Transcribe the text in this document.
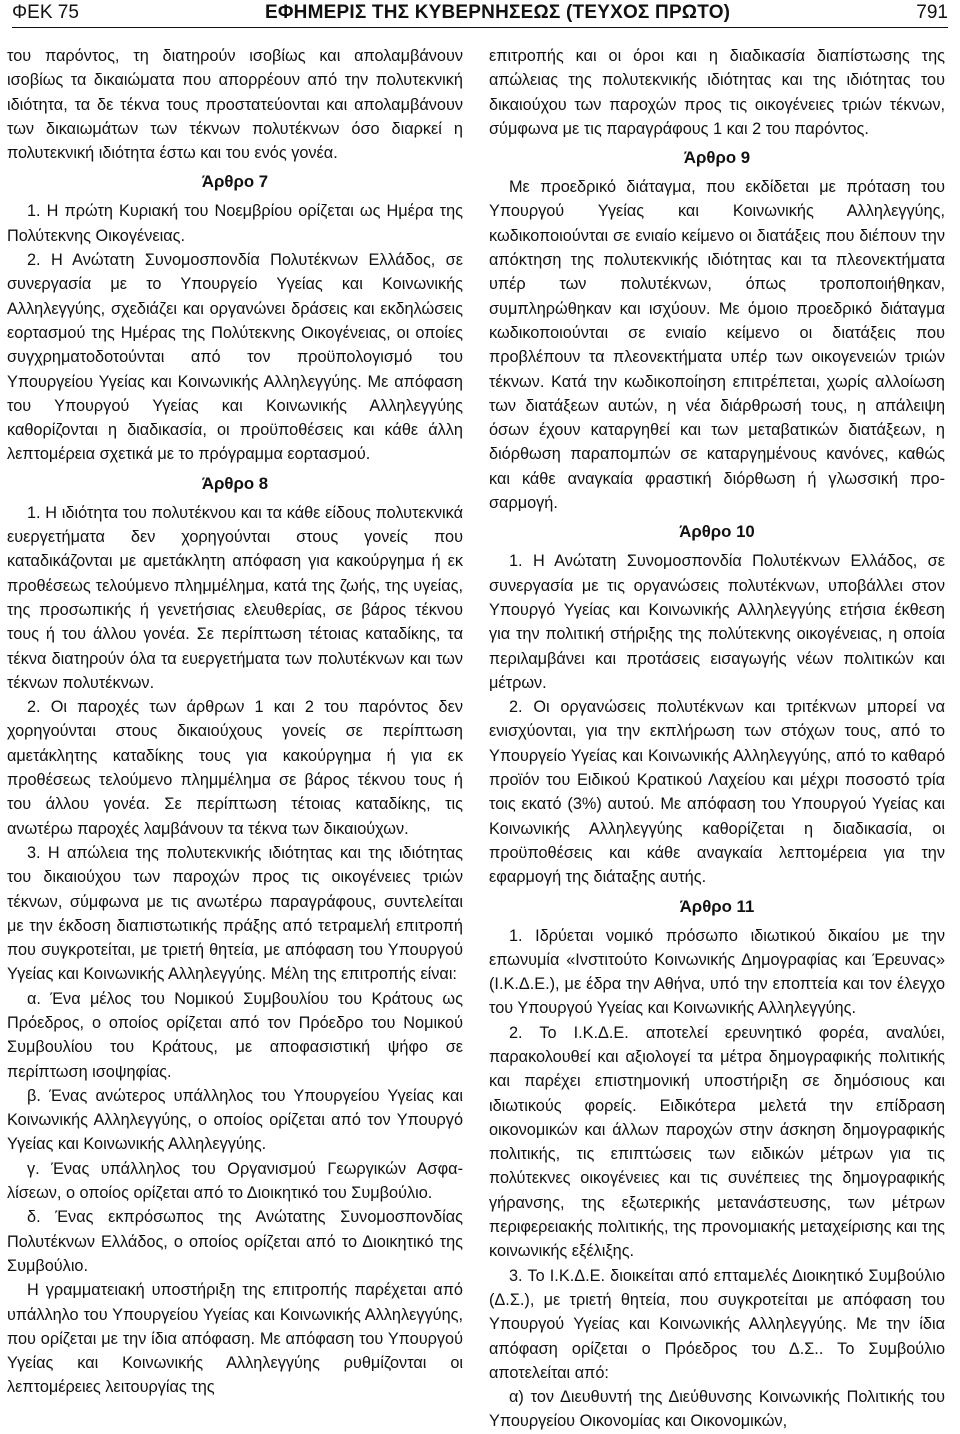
ΦΕΚ 75	ΕΦΗΜΕΡΙΣ ΤΗΣ ΚΥΒΕΡΝΗΣΕΩΣ (ΤΕΥΧΟΣ ΠΡΩΤΟ)	791

του παρόντος, τη διατηρούν ισοβίως και απολαμβάνουν ισοβίως τα δικαιώματα που απορρέουν από την πολυτεκνική ιδιότητα, τα δε τέκνα τους προστατεύονται και απολαμβάνουν των δικαιωμάτων των τέκνων πολυτέκνων όσο διαρκεί η πολυτεκνική ιδιότητα έστω και του ενός γονέα.

Άρθρο 7

1. Η πρώτη Κυριακή του Νοεμβρίου ορίζεται ως Ημέρα της Πολύτεκνης Οικογένειας.

2. Η Ανώτατη Συνομοσπονδία Πολυτέκνων Ελλάδος, σε συνεργασία με το Υπουργείο Υγείας και Κοινωνικής Αλληλεγγύης, σχεδιάζει και οργανώνει δράσεις και εκδηλώσεις εορτασμού της Ημέρας της Πολύτεκνης Οικογένειας, οι οποίες συγχρηματοδοτούνται από τον προϋπολογισμό του Υπουργείου Υγείας και Κοινωνικής Αλληλεγγύης. Με απόφαση του Υπουργού Υγείας και Κοινωνικής Αλληλεγγύης καθορίζονται η διαδικασία, οι προϋποθέσεις και κάθε άλλη λεπτομέρεια σχετικά με το πρόγραμμα εορτασμού.

Άρθρο 8

1. Η ιδιότητα του πολυτέκνου και τα κάθε είδους πολυτεκνικά ευεργετήματα δεν χορηγούνται στους γονείς που καταδικάζονται με αμετάκλητη απόφαση για κακούργημα ή εκ προθέσεως τελούμενο πλημμέλημα, κατά της ζωής, της υγείας, της προσωπικής ή γενετήσιας ελευθερίας, σε βάρος τέκνου τους ή του άλλου γονέα. Σε περίπτωση τέτοιας καταδίκης, τα τέκνα διατηρούν όλα τα ευεργετήματα των πολυτέκνων και των τέκνων πολυτέκνων.

2. Οι παροχές των άρθρων 1 και 2 του παρόντος δεν χορηγούνται στους δικαιούχους γονείς σε περίπτωση αμετάκλητης καταδίκης τους για κακούργημα ή για εκ προθέσεως τελούμενο πλημμέλημα σε βάρος τέκνου τους ή του άλλου γονέα. Σε περίπτωση τέτοιας καταδίκης, τις ανωτέρω παροχές λαμβάνουν τα τέκνα των δικαιούχων.

3. Η απώλεια της πολυτεκνικής ιδιότητας και της ιδιότητας του δικαιούχου των παροχών προς τις οικογένειες τριών τέκνων, σύμφωνα με τις ανωτέρω παραγράφους, συντελείται με την έκδοση διαπιστωτικής πράξης από τετραμελή επιτροπή που συγκροτείται, με τριετή θητεία, με απόφαση του Υπουργού Υγείας και Κοινωνικής Αλληλεγγύης. Μέλη της επιτροπής είναι:

α. Ένα μέλος του Νομικού Συμβουλίου του Κράτους ως Πρόεδρος, ο οποίος ορίζεται από τον Πρόεδρο του Νομικού Συμβουλίου του Κράτους, με αποφασιστική ψήφο σε περίπτωση ισοψηφίας.

β. Ένας ανώτερος υπάλληλος του Υπουργείου Υγείας και Κοινωνικής Αλληλεγγύης, ο οποίος ορίζεται από τον Υπουργό Υγείας και Κοινωνικής Αλληλεγγύης.

γ. Ένας υπάλληλος του Οργανισμού Γεωργικών Ασφαλίσεων, ο οποίος ορίζεται από το Διοικητικό του Συμβούλιο.

δ. Ένας εκπρόσωπος της Ανώτατης Συνομοσπονδίας Πολυτέκνων Ελλάδος, ο οποίος ορίζεται από το Διοικητικό της Συμβούλιο.

Η γραμματειακή υποστήριξη της επιτροπής παρέχεται από υπάλληλο του Υπουργείου Υγείας και Κοινωνικής Αλληλεγγύης, που ορίζεται με την ίδια απόφαση. Με απόφαση του Υπουργού Υγείας και Κοινωνικής Αλληλεγγύης ρυθμίζονται οι λεπτομέρειες λειτουργίας της

επιτροπής και οι όροι και η διαδικασία διαπίστωσης της απώλειας της πολυτεκνικής ιδιότητας και της ιδιότητας του δικαιούχου των παροχών προς τις οικογένειες τριών τέκνων, σύμφωνα με τις παραγράφους 1 και 2 του παρόντος.

Άρθρο 9

Με προεδρικό διάταγμα, που εκδίδεται με πρόταση του Υπουργού Υγείας και Κοινωνικής Αλληλεγγύης, κωδικοποιούνται σε ενιαίο κείμενο οι διατάξεις που διέπουν την απόκτηση της πολυτεκνικής ιδιότητας και τα πλεονεκτήματα υπέρ των πολυτέκνων, όπως τροποποιήθηκαν, συμπληρώθηκαν και ισχύουν. Με όμοιο προεδρικό διάταγμα κωδικοποιούνται σε ενιαίο κείμενο οι διατάξεις που προβλέπουν τα πλεονεκτήματα υπέρ των οικογενειών τριών τέκνων. Κατά την κωδικοποίηση επιτρέπεται, χωρίς αλλοίωση των διατάξεων αυτών, η νέα διάρθρωσή τους, η απάλειψη όσων έχουν καταργηθεί και των μεταβατικών διατάξεων, η διόρθωση παραπομπών σε καταργημένους κανόνες, καθώς και κάθε αναγκαία φραστική διόρθωση ή γλωσσική προσαρμογή.

Άρθρο 10

1. Η Ανώτατη Συνομοσπονδία Πολυτέκνων Ελλάδος, σε συνεργασία με τις οργανώσεις πολυτέκνων, υποβάλλει στον Υπουργό Υγείας και Κοινωνικής Αλληλεγγύης ετήσια έκθεση για την πολιτική στήριξης της πολύτεκνης οικογένειας, η οποία περιλαμβάνει και προτάσεις εισαγωγής νέων πολιτικών και μέτρων.

2. Οι οργανώσεις πολυτέκνων και τριτέκνων μπορεί να ενισχύονται, για την εκπλήρωση των στόχων τους, από το Υπουργείο Υγείας και Κοινωνικής Αλληλεγγύης, από το καθαρό προϊόν του Ειδικού Κρατικού Λαχείου και μέχρι ποσοστό τρία τοις εκατό (3%) αυτού. Με απόφαση του Υπουργού Υγείας και Κοινωνικής Αλληλεγγύης καθορίζεται η διαδικασία, οι προϋποθέσεις και κάθε αναγκαία λεπτομέρεια για την εφαρμογή της διάταξης αυτής.

Άρθρο 11

1. Ιδρύεται νομικό πρόσωπο ιδιωτικού δικαίου με την επωνυμία «Ινστιτούτο Κοινωνικής Δημογραφίας και Έρευνας» (Ι.Κ.Δ.Ε.), με έδρα την Αθήνα, υπό την εποπτεία και τον έλεγχο του Υπουργού Υγείας και Κοινωνικής Αλληλεγγύης.

2. Το Ι.Κ.Δ.Ε. αποτελεί ερευνητικό φορέα, αναλύει, παρακολουθεί και αξιολογεί τα μέτρα δημογραφικής πολιτικής και παρέχει επιστημονική υποστήριξη σε δημόσιους και ιδιωτικούς φορείς. Ειδικότερα μελετά την επίδραση οικονομικών και άλλων παροχών στην άσκηση δημογραφικής πολιτικής, τις επιπτώσεις των ειδικών μέτρων για τις πολύτεκνες οικογένειες και τις συνέπειες της δημογραφικής γήρανσης, της εξωτερικής μετανάστευσης, των μέτρων περιφερειακής πολιτικής, της προνομιακής μεταχείρισης και της κοινωνικής εξέλιξης.

3. Το Ι.Κ.Δ.Ε. διοικείται από επταμελές Διοικητικό Συμβούλιο (Δ.Σ.), με τριετή θητεία, που συγκροτείται με απόφαση του Υπουργού Υγείας και Κοινωνικής Αλληλεγγύης. Με την ίδια απόφαση ορίζεται ο Πρόεδρος του Δ.Σ.. Το Συμβούλιο αποτελείται από:

α) τον Διευθυντή της Διεύθυνσης Κοινωνικής Πολιτικής του Υπουργείου Οικονομίας και Οικονομικών,
